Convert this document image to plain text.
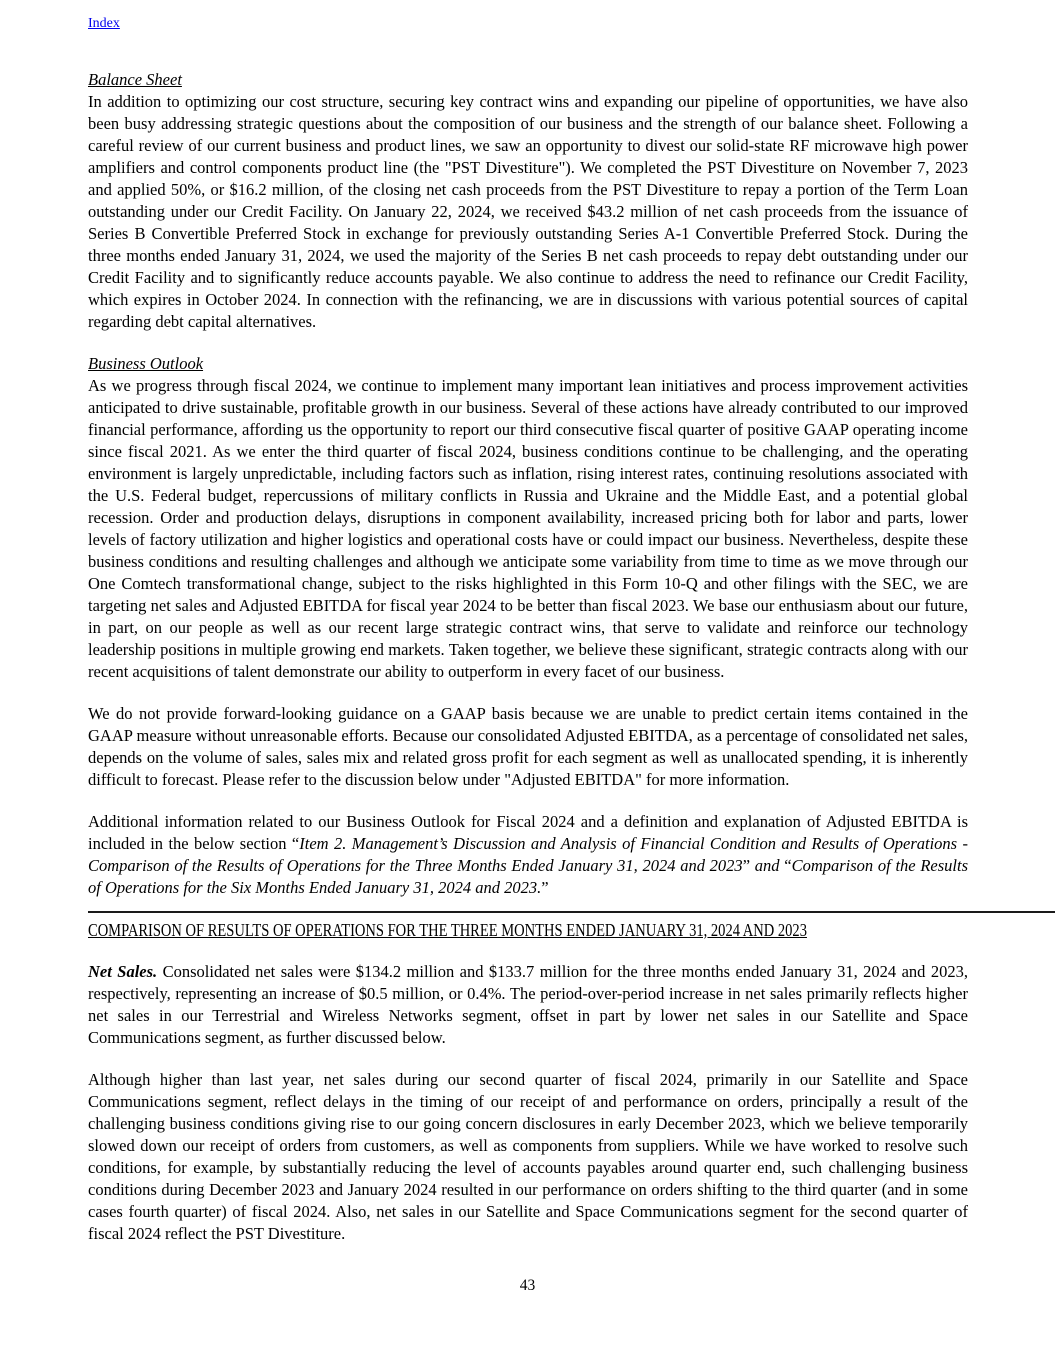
Index
Balance Sheet

In addition to optimizing our cost structure, securing key contract wins and expanding our pipeline of opportunities, we have also been busy addressing strategic questions about the composition of our business and the strength of our balance sheet. Following a careful review of our current business and product lines, we saw an opportunity to divest our solid-state RF microwave high power amplifiers and control components product line (the "PST Divestiture"). We completed the PST Divestiture on November 7, 2023 and applied 50%, or $16.2 million, of the closing net cash proceeds from the PST Divestiture to repay a portion of the Term Loan outstanding under our Credit Facility. On January 22, 2024, we received $43.2 million of net cash proceeds from the issuance of Series B Convertible Preferred Stock in exchange for previously outstanding Series A-1 Convertible Preferred Stock. During the three months ended January 31, 2024, we used the majority of the Series B net cash proceeds to repay debt outstanding under our Credit Facility and to significantly reduce accounts payable. We also continue to address the need to refinance our Credit Facility, which expires in October 2024. In connection with the refinancing, we are in discussions with various potential sources of capital regarding debt capital alternatives.

Business Outlook

As we progress through fiscal 2024, we continue to implement many important lean initiatives and process improvement activities anticipated to drive sustainable, profitable growth in our business. Several of these actions have already contributed to our improved financial performance, affording us the opportunity to report our third consecutive fiscal quarter of positive GAAP operating income since fiscal 2021. As we enter the third quarter of fiscal 2024, business conditions continue to be challenging, and the operating environment is largely unpredictable, including factors such as inflation, rising interest rates, continuing resolutions associated with the U.S. Federal budget, repercussions of military conflicts in Russia and Ukraine and the Middle East, and a potential global recession. Order and production delays, disruptions in component availability, increased pricing both for labor and parts, lower levels of factory utilization and higher logistics and operational costs have or could impact our business. Nevertheless, despite these business conditions and resulting challenges and although we anticipate some variability from time to time as we move through our One Comtech transformational change, subject to the risks highlighted in this Form 10-Q and other filings with the SEC, we are targeting net sales and Adjusted EBITDA for fiscal year 2024 to be better than fiscal 2023. We base our enthusiasm about our future, in part, on our people as well as our recent large strategic contract wins, that serve to validate and reinforce our technology leadership positions in multiple growing end markets. Taken together, we believe these significant, strategic contracts along with our recent acquisitions of talent demonstrate our ability to outperform in every facet of our business.

We do not provide forward-looking guidance on a GAAP basis because we are unable to predict certain items contained in the GAAP measure without unreasonable efforts. Because our consolidated Adjusted EBITDA, as a percentage of consolidated net sales, depends on the volume of sales, sales mix and related gross profit for each segment as well as unallocated spending, it is inherently difficult to forecast. Please refer to the discussion below under "Adjusted EBITDA" for more information.

Additional information related to our Business Outlook for Fiscal 2024 and a definition and explanation of Adjusted EBITDA is included in the below section “Item 2. Management’s Discussion and Analysis of Financial Condition and Results of Operations - Comparison of the Results of Operations for the Three Months Ended January 31, 2024 and 2023” and “Comparison of the Results of Operations for the Six Months Ended January 31, 2024 and 2023.”

COMPARISON OF RESULTS OF OPERATIONS FOR THE THREE MONTHS ENDED JANUARY 31, 2024 AND 2023

Net Sales. Consolidated net sales were $134.2 million and $133.7 million for the three months ended January 31, 2024 and 2023, respectively, representing an increase of $0.5 million, or 0.4%. The period-over-period increase in net sales primarily reflects higher net sales in our Terrestrial and Wireless Networks segment, offset in part by lower net sales in our Satellite and Space Communications segment, as further discussed below.

Although higher than last year, net sales during our second quarter of fiscal 2024, primarily in our Satellite and Space Communications segment, reflect delays in the timing of our receipt of and performance on orders, principally a result of the challenging business conditions giving rise to our going concern disclosures in early December 2023, which we believe temporarily slowed down our receipt of orders from customers, as well as components from suppliers. While we have worked to resolve such conditions, for example, by substantially reducing the level of accounts payables around quarter end, such challenging business conditions during December 2023 and January 2024 resulted in our performance on orders shifting to the third quarter (and in some cases fourth quarter) of fiscal 2024. Also, net sales in our Satellite and Space Communications segment for the second quarter of fiscal 2024 reflect the PST Divestiture.

43
